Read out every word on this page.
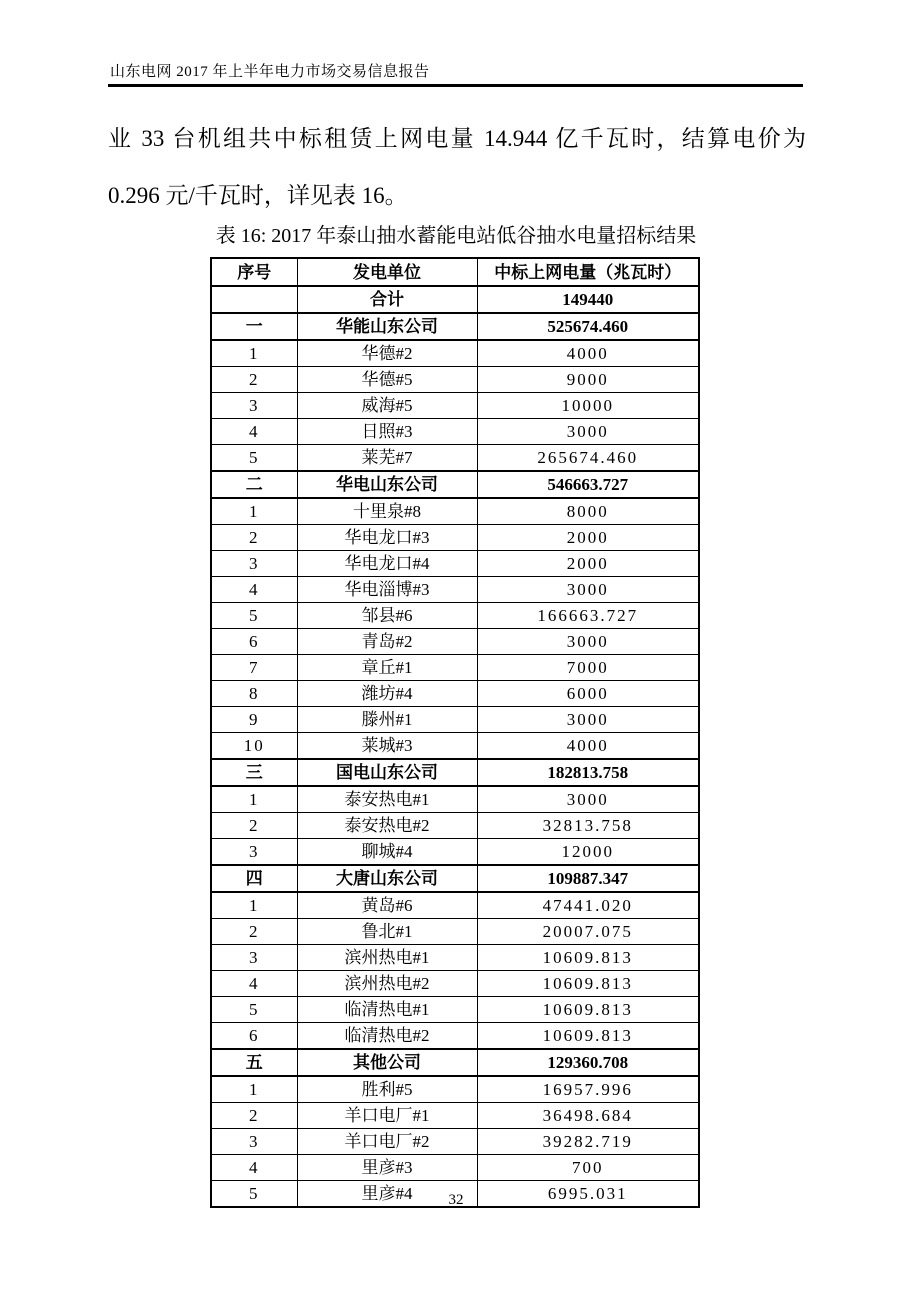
山东电网 2017 年上半年电力市场交易信息报告
业 33 台机组共中标租赁上网电量 14.944 亿千瓦时，结算电价为
0.296 元/千瓦时，详见表 16。
表 16: 2017 年泰山抽水蓄能电站低谷抽水电量招标结果
序号	发电单位	中标上网电量（兆瓦时）
	合计	149440
一	华能山东公司	525674.460
1	华德#2	4000
2	华德#5	9000
3	威海#5	10000
4	日照#3	3000
5	莱芜#7	265674.460
二	华电山东公司	546663.727
1	十里泉#8	8000
2	华电龙口#3	2000
3	华电龙口#4	2000
4	华电淄博#3	3000
5	邹县#6	166663.727
6	青岛#2	3000
7	章丘#1	7000
8	潍坊#4	6000
9	滕州#1	3000
10	莱城#3	4000
三	国电山东公司	182813.758
1	泰安热电#1	3000
2	泰安热电#2	32813.758
3	聊城#4	12000
四	大唐山东公司	109887.347
1	黄岛#6	47441.020
2	鲁北#1	20007.075
3	滨州热电#1	10609.813
4	滨州热电#2	10609.813
5	临清热电#1	10609.813
6	临清热电#2	10609.813
五	其他公司	129360.708
1	胜利#5	16957.996
2	羊口电厂#1	36498.684
3	羊口电厂#2	39282.719
4	里彦#3	700
5	里彦#4	6995.031
32
